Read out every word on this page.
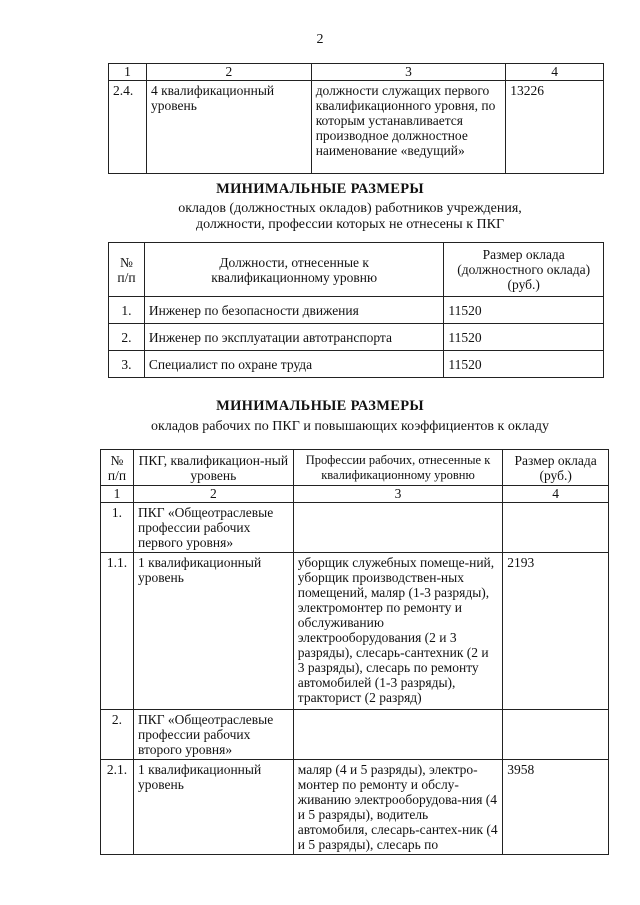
2
1	2	3	4
2.4.	4 квалификационный уровень	должности служащих первого квалификационного уровня, по которым устанавливается производное должностное наименование «ведущий»	13226
МИНИМАЛЬНЫЕ РАЗМЕРЫ
окладов (должностных окладов) работников учреждения, должности, профессии которых не отнесены к ПКГ
№ п/п	Должности, отнесенные к квалификационному уровню	Размер оклада (должностного оклада) (руб.)
1.	Инженер по безопасности движения	11520
2.	Инженер по эксплуатации автотранспорта	11520
3.	Специалист по охране труда	11520
МИНИМАЛЬНЫЕ РАЗМЕРЫ
окладов рабочих по ПКГ и повышающих коэффициентов к окладу
№ п/п	ПКГ, квалификацион-ный уровень	Профессии рабочих, отнесенные к квалификационному уровню	Размер оклада (руб.)
1	2	3	4
1.	ПКГ «Общеотраслевые профессии рабочих первого уровня»		
1.1.	1 квалификационный уровень	уборщик служебных помеще-ний, уборщик производствен-ных помещений, маляр (1-3 разряды), электромонтер по ремонту и обслуживанию электрооборудования (2 и 3 разряды), слесарь-сантехник (2 и 3 разряды), слесарь по ремонту автомобилей (1-3 разряды), тракторист (2 разряд)	2193
2.	ПКГ «Общеотраслевые профессии рабочих второго уровня»		
2.1.	1 квалификационный уровень	маляр (4 и 5 разряды), электро-монтер по ремонту и обслу-живанию электрооборудова-ния (4 и 5 разряды), водитель автомобиля, слесарь-сантех-ник (4 и 5 разряды), слесарь по	3958
